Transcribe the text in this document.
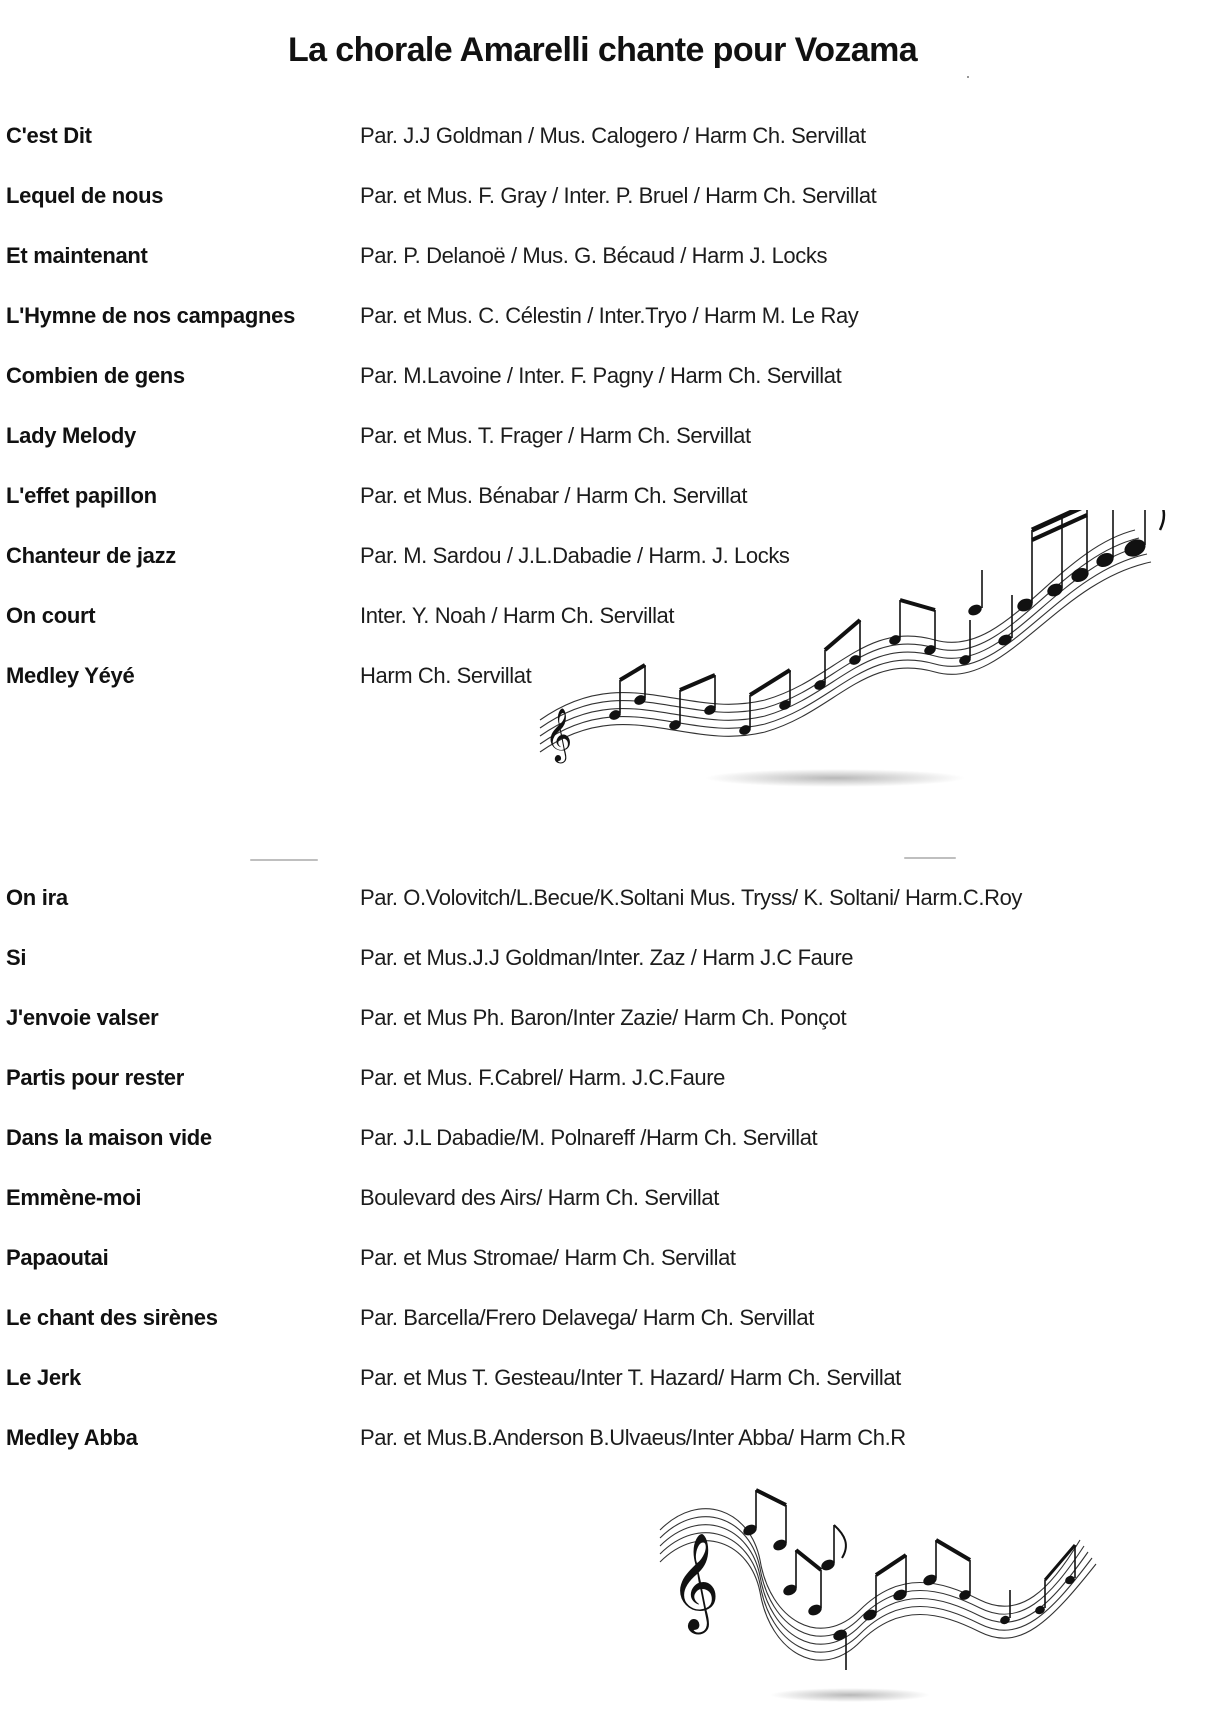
La chorale Amarelli chante pour Vozama
C'est Dit	Par. J.J Goldman / Mus. Calogero / Harm Ch. Servillat
Lequel de nous	Par. et Mus. F. Gray / Inter. P. Bruel / Harm Ch. Servillat
Et maintenant	Par. P. Delanoë / Mus. G. Bécaud / Harm J. Locks
L'Hymne de nos campagnes	Par. et Mus. C. Célestin / Inter.Tryo / Harm M. Le Ray
Combien de gens	Par. M.Lavoine / Inter. F. Pagny / Harm Ch. Servillat
Lady Melody	Par. et Mus. T. Frager / Harm Ch. Servillat
L'effet papillon	Par. et Mus. Bénabar / Harm Ch. Servillat
Chanteur de jazz	Par. M. Sardou / J.L.Dabadie / Harm. J. Locks
On court	Inter. Y. Noah / Harm Ch. Servillat
Medley Yéyé	Harm Ch. Servillat
𝄞
On ira	Par. O.Volovitch/L.Becue/K.Soltani Mus. Tryss/ K. Soltani/ Harm.C.Roy
Si	Par. et Mus.J.J Goldman/Inter. Zaz / Harm J.C Faure
J'envoie valser	Par. et Mus Ph. Baron/Inter Zazie/ Harm Ch. Ponçot
Partis pour rester	Par. et Mus. F.Cabrel/ Harm. J.C.Faure
Dans la maison vide	Par. J.L Dabadie/M. Polnareff /Harm Ch. Servillat
Emmène-moi	Boulevard des Airs/ Harm Ch. Servillat
Papaoutai	Par. et Mus Stromae/ Harm Ch. Servillat
Le chant des sirènes	Par. Barcella/Frero Delavega/ Harm Ch. Servillat
Le Jerk	Par. et Mus T. Gesteau/Inter T. Hazard/ Harm Ch. Servillat
Medley Abba	Par. et Mus.B.Anderson B.Ulvaeus/Inter Abba/ Harm Ch.R
𝄞
